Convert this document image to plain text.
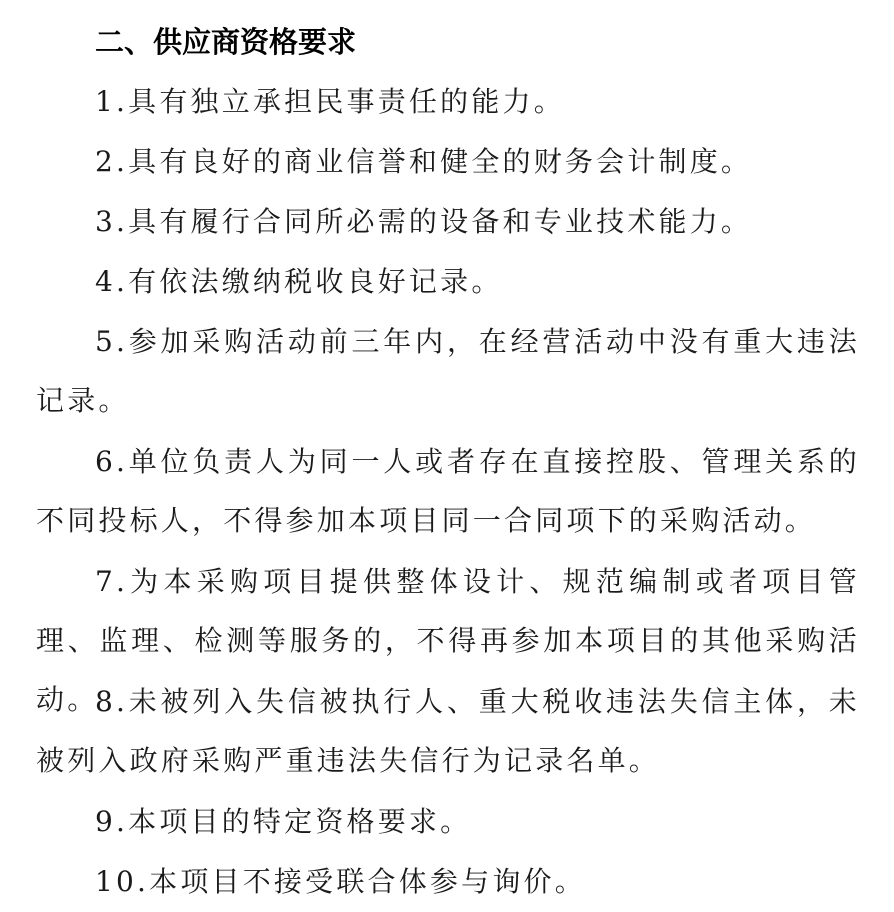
二、供应商资格要求

1.具有独立承担民事责任的能力。

2.具有良好的商业信誉和健全的财务会计制度。

3.具有履行合同所必需的设备和专业技术能力。

4.有依法缴纳税收良好记录。

5.参加采购活动前三年内，在经营活动中没有重大违法记录。

6.单位负责人为同一人或者存在直接控股、管理关系的不同投标人，不得参加本项目同一合同项下的采购活动。

7.为本采购项目提供整体设计、规范编制或者项目管理、监理、检测等服务的，不得再参加本项目的其他采购活动。

8.未被列入失信被执行人、重大税收违法失信主体，未被列入政府采购严重违法失信行为记录名单。

9.本项目的特定资格要求。

10.本项目不接受联合体参与询价。
